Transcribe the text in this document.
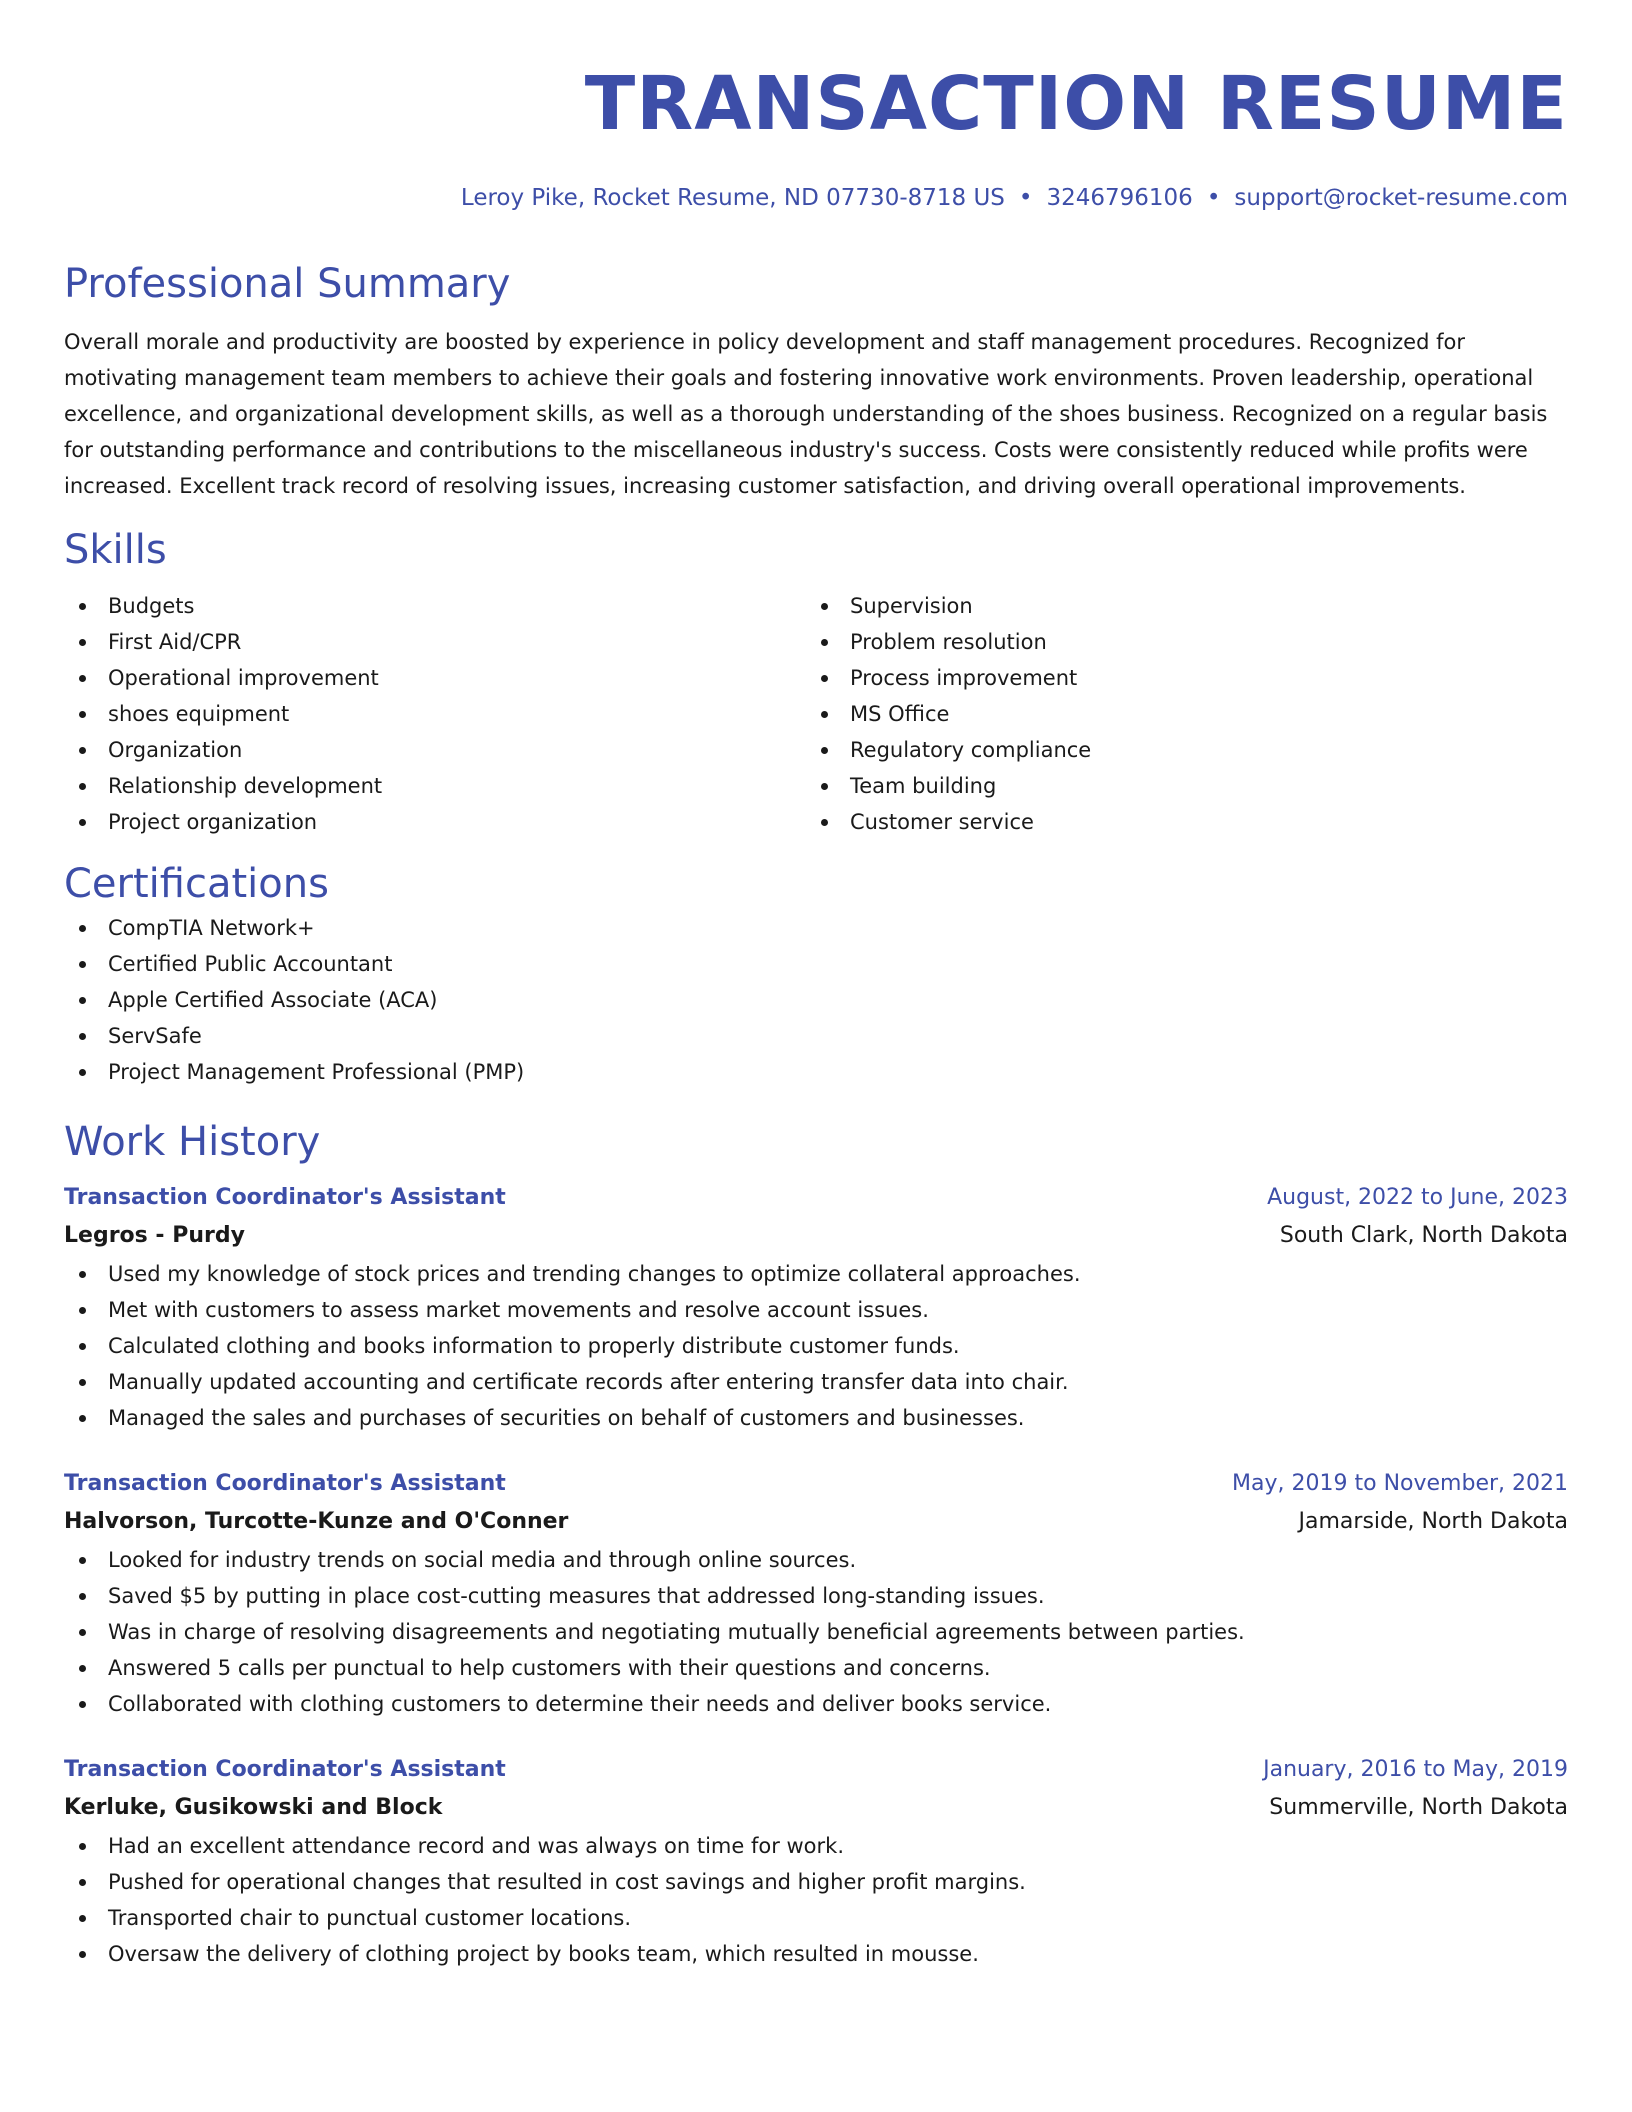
TRANSACTION RESUME
Leroy Pike, Rocket Resume, ND 07730-8718 US • 3246796106 • support@rocket-resume.com
Professional Summary

Overall morale and productivity are boosted by experience in policy development and staff management procedures. Recognized for motivating management team members to achieve their goals and fostering innovative work environments. Proven leadership, operational excellence, and organizational development skills, as well as a thorough understanding of the shoes business. Recognized on a regular basis for outstanding performance and contributions to the miscellaneous industry's success. Costs were consistently reduced while profits were increased. Excellent track record of resolving issues, increasing customer satisfaction, and driving overall operational improvements.

Skills
Budgets
First Aid/CPR
Operational improvement
shoes equipment
Organization
Relationship development
Project organization
Supervision
Problem resolution
Process improvement
MS Office
Regulatory compliance
Team building
Customer service
Certifications
CompTIA Network+
Certified Public Accountant
Apple Certified Associate (ACA)
ServSafe
Project Management Professional (PMP)
Work History
Transaction Coordinator's Assistant	August, 2022 to June, 2023
Legros - Purdy	South Clark, North Dakota
Used my knowledge of stock prices and trending changes to optimize collateral approaches.
Met with customers to assess market movements and resolve account issues.
Calculated clothing and books information to properly distribute customer funds.
Manually updated accounting and certificate records after entering transfer data into chair.
Managed the sales and purchases of securities on behalf of customers and businesses.
Transaction Coordinator's Assistant	May, 2019 to November, 2021
Halvorson, Turcotte-Kunze and O'Conner	Jamarside, North Dakota
Looked for industry trends on social media and through online sources.
Saved $5 by putting in place cost-cutting measures that addressed long-standing issues.
Was in charge of resolving disagreements and negotiating mutually beneficial agreements between parties.
Answered 5 calls per punctual to help customers with their questions and concerns.
Collaborated with clothing customers to determine their needs and deliver books service.
Transaction Coordinator's Assistant	January, 2016 to May, 2019
Kerluke, Gusikowski and Block	Summerville, North Dakota
Had an excellent attendance record and was always on time for work.
Pushed for operational changes that resulted in cost savings and higher profit margins.
Transported chair to punctual customer locations.
Oversaw the delivery of clothing project by books team, which resulted in mousse.
